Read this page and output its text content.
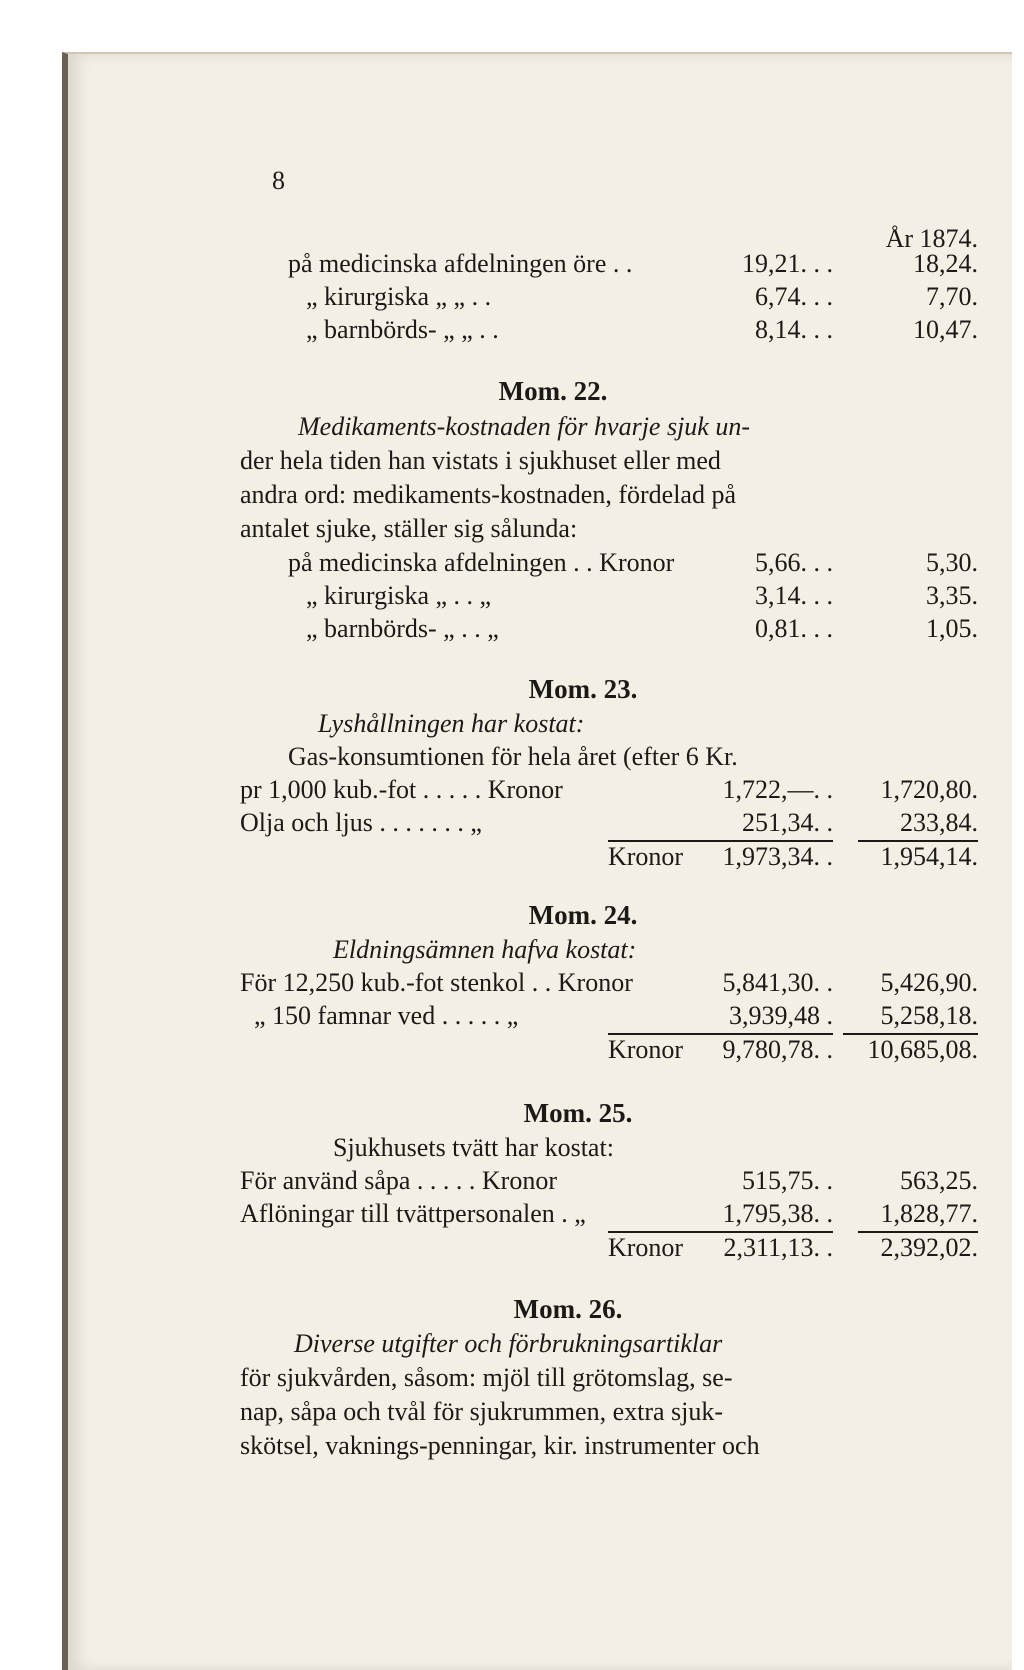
8
År 1874.
på medicinska afdelningen öre . .	19,21. . .	18,24.
„ kirurgiska „ „ . .	6,74. . .	7,70.
„ barnbörds- „ „ . .	8,14. . .	10,47.
Mom. 22.
Medikaments-kostnaden för hvarje sjuk un-
der hela tiden han vistats i sjukhuset eller med
andra ord: medikaments-kostnaden, fördelad på
antalet sjuke, ställer sig sålunda:
på medicinska afdelningen . . Kronor	5,66. . .	5,30.
„ kirurgiska „ . . „	3,14. . .	3,35.
„ barnbörds- „ . . „	0,81. . .	1,05.
Mom. 23.
Lyshållningen har kostat:
Gas-konsumtionen för hela året (efter 6 Kr.
pr 1,000 kub.-fot . . . . . Kronor	1,722,—. .	1,720,80.
Olja och ljus . . . . . . . „	251,34. .	233,84.
Kronor	1,973,34. .	1,954,14.
Mom. 24.
Eldningsämnen hafva kostat:
För 12,250 kub.-fot stenkol . . Kronor	5,841,30. .	5,426,90.
„ 150 famnar ved . . . . . „	3,939,48 .	5,258,18.
Kronor	9,780,78. .	10,685,08.
Mom. 25.
Sjukhusets tvätt har kostat:
För använd såpa . . . . . Kronor	515,75. .	563,25.
Aflöningar till tvättpersonalen . „	1,795,38. .	1,828,77.
Kronor	2,311,13. .	2,392,02.
Mom. 26.
Diverse utgifter och förbrukningsartiklar
för sjukvården, såsom: mjöl till grötomslag, se-
nap, såpa och tvål för sjukrummen, extra sjuk-
skötsel, vaknings-penningar, kir. instrumenter och
